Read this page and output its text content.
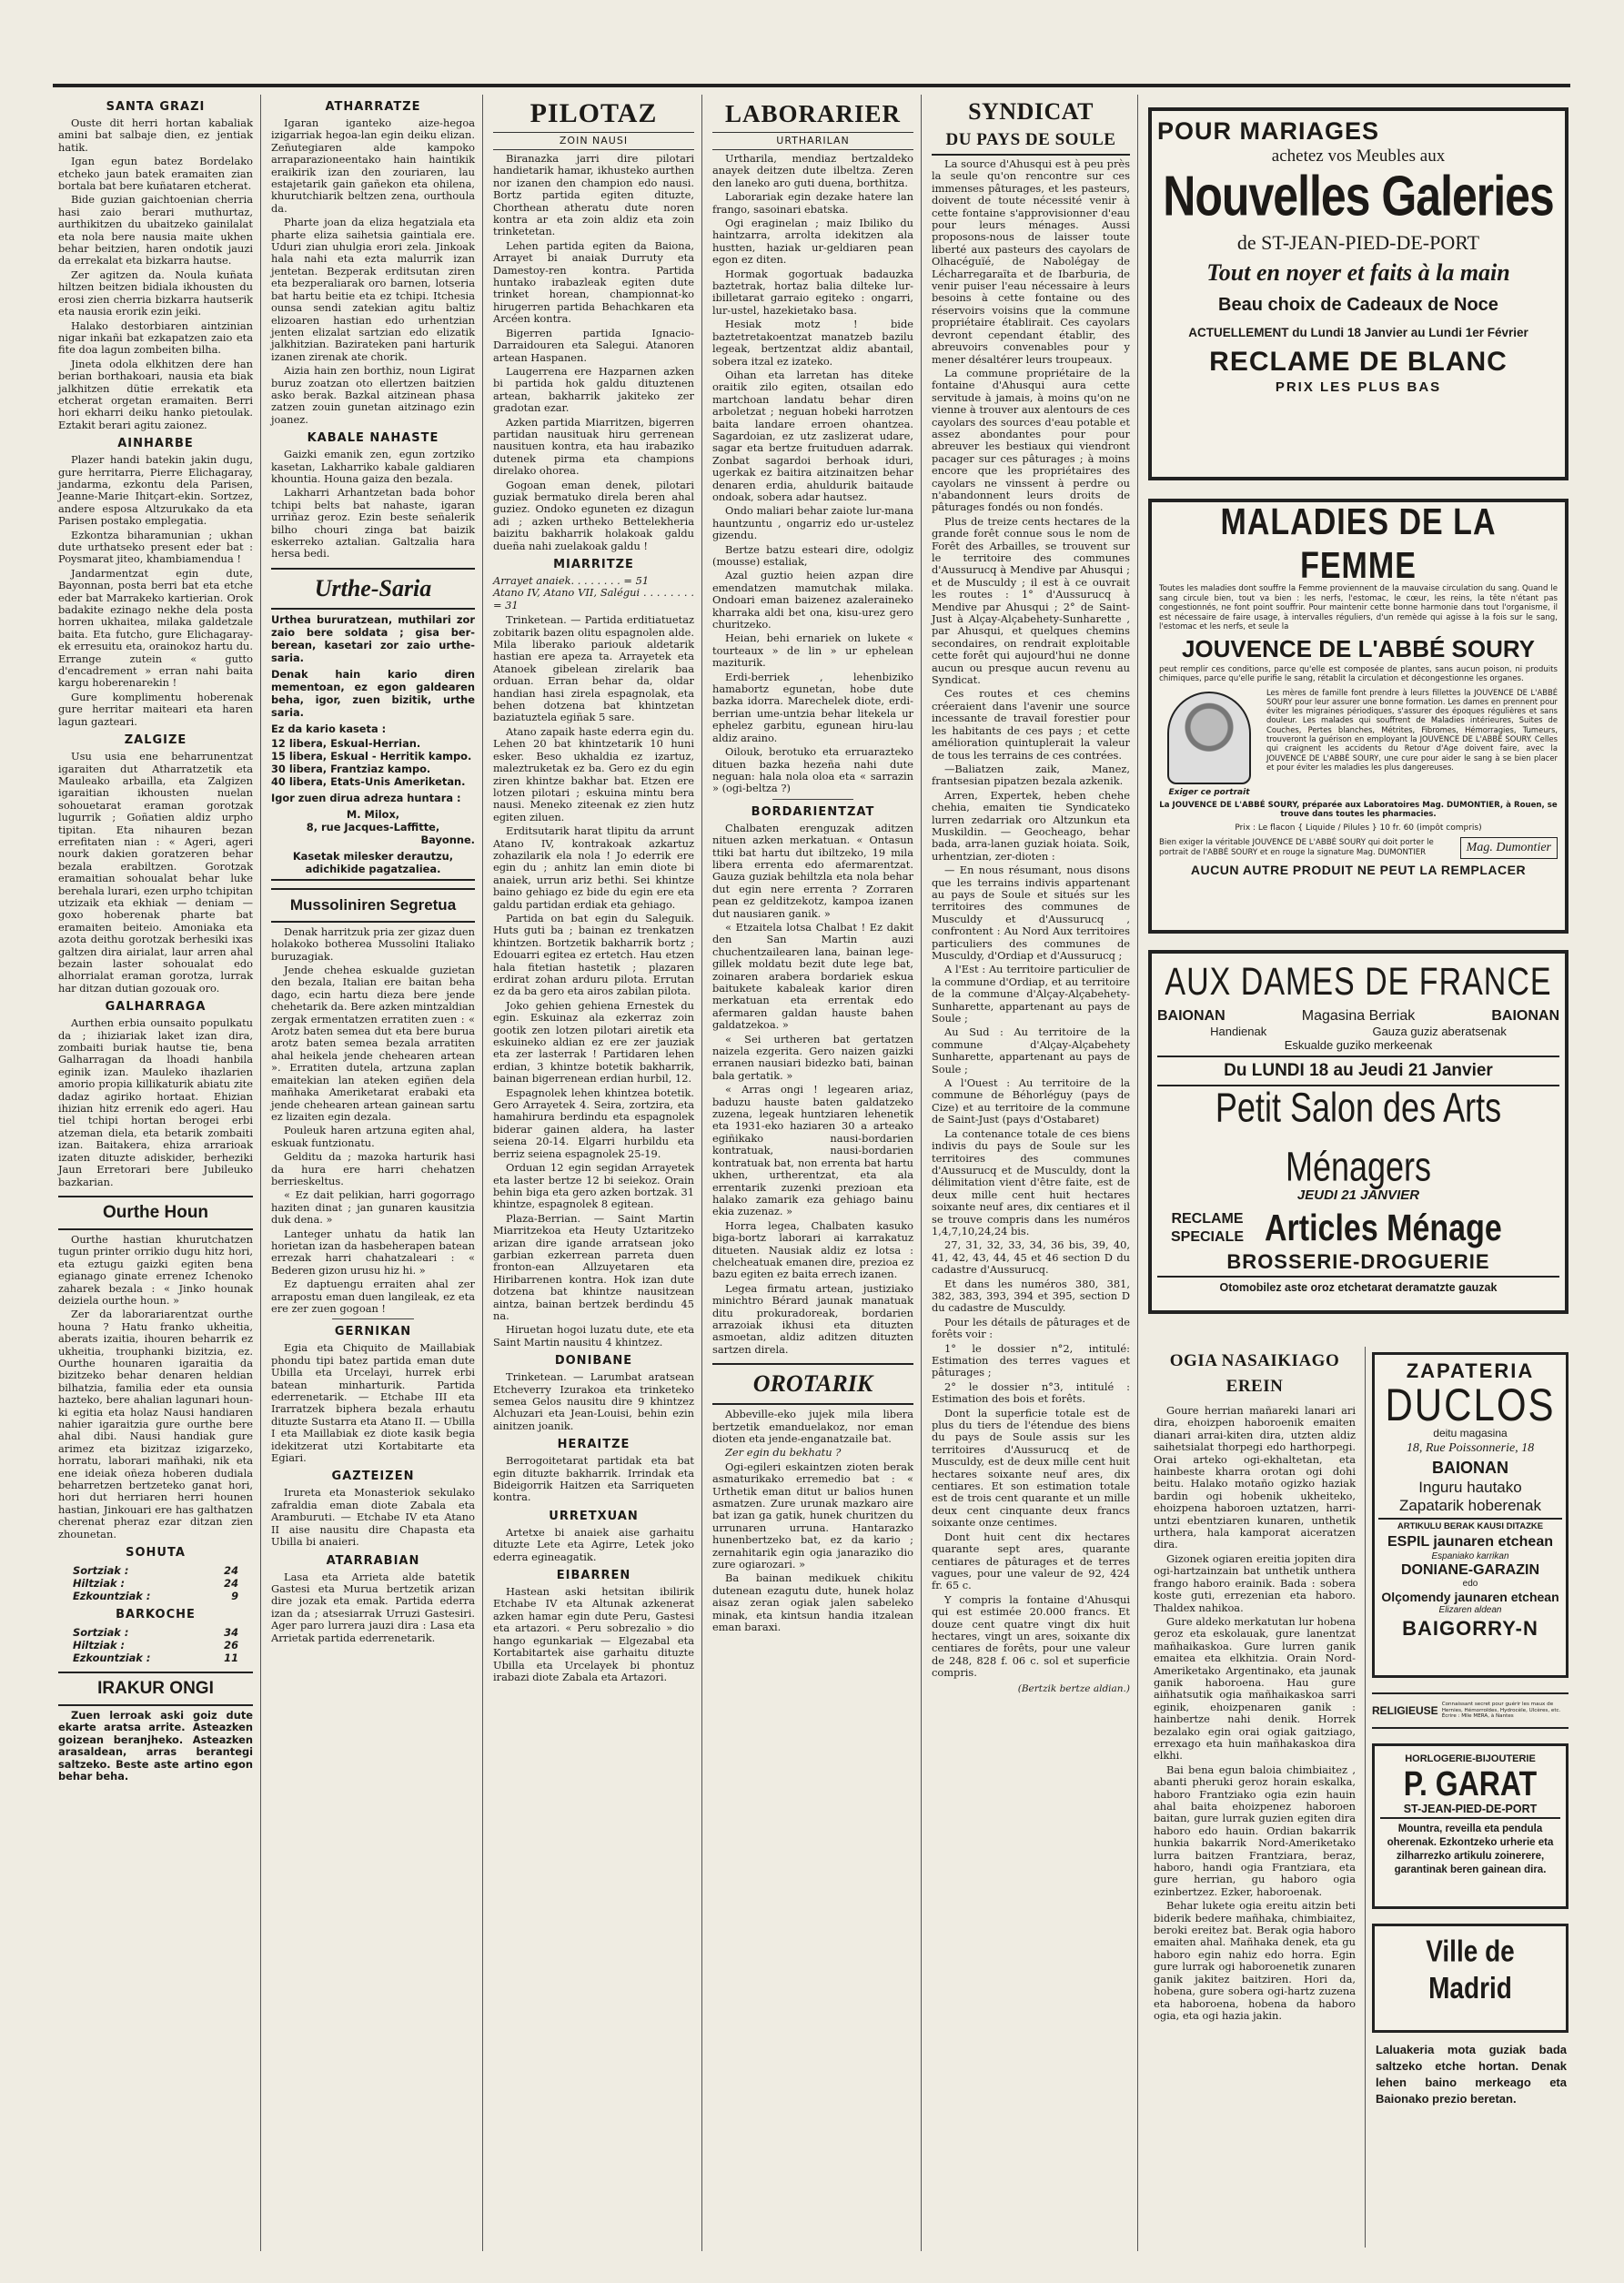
SANTA GRAZI

Ouste dit herri hortan kabaliak amini bat salbaje dien, ez jentiak hatik.

Igan egun batez Bordelako etcheko jaun batek eramaiten zian bortala bat bere kuñataren etcherat.

Bide guzian gaichtoenian cherria hasi zaio berari muthurtaz, aurthikitzen du ubaitzeko gainilalat eta nola bere nausia maite ukhen behar beitzien, haren ondotik jauzi da errekalat eta bizkarra hautse.

Zer agitzen da. Noula kuñata hiltzen beitzen bidiala ikhousten du erosi zien cherria bizkarra hautserik eta nausia erorik ezin jeiki.

Halako destorbiaren aintzinian nigar inkañi bat ezkapatzen zaio eta fite doa lagun zombeiten bilha.

Jineta odola elkhitzen dere han berian borthakoari, nausia eta biak jalkhitzen dütie errekatik eta etcherat orgetan eramaiten. Berri hori ekharri deiku hanko pietoulak. Eztakit berari agitu zaionez.

AINHARBE

Plazer handi batekin jakin dugu, gure herritarra, Pierre Elichagaray, jandarma, ezkontu dela Parisen, Jeanne-Marie Ihitçart-ekin. Sortzez, andere esposa Altzurukako da eta Parisen postako emplegatia.

Ezkontza biharamunian ; ukhan dute urthatseko present eder bat : Poysmarat jiteo, khambiamendua !

Jandarmentzat egin dute, Bayonnan, posta berri bat eta etche eder bat Marrakeko kartierian. Orok badakite ezinago nekhe dela posta horren ukhaitea, milaka galdetzale baita. Eta futcho, gure Elichagaray-ek erresuitu eta, orainokoz hartu du. Errange zutein « gutto d'encadrement » erran nahi baita kargu hoberenarekin !

Gure komplimentu hoberenak gure herritar maiteari eta haren lagun gazteari.

ZALGIZE

Usu usia ene beharrunentzat igaraiten dut Atharratzetik eta Mauleako arbailla, eta Zalgizen igaraitian ikhousten nuelan sohouetarat eraman gorotzak lugurrik ; Goñatien aldiz urpho tipitan. Eta nihauren bezan errefitaten nian : « Ageri, ageri nourk dakien goratzeren behar bezala erabiltzen. Gorotzak eramaitian sohoualat behar luke berehala lurari, ezen urpho tchipitan utzizaik eta ekhiak — deniam — goxo hoberenak pharte bat eramaiten beiteio. Amoniaka eta azota deithu gorotzak berhesiki ixas galtzen dira airialat, laur arren ahal bezain laster sohoualat edo alhorrialat eraman gorotza, lurrak har ditzan dutian gozouak oro.

GALHARRAGA

Aurthen erbia ounsaito populkatu da ; ihiziariak laket izan dira, zombaiti buriak hautse tie, bena Galharragan da lhoadi hanbila eginik izan. Mauleko ihazlarien amorio propia killikaturik abiatu zite dadaz agiriko hortaat. Ehizian ihizian hitz errenik edo ageri. Hau tiel tchipi hortan berogei erbi atzeman diela, eta betarik zombaiti izan. Baitakera, ehiza arrarioak izaten dituzte adiskider, berheziki Jaun Erretorari bere Jubileuko bazkarian.

Ourthe Houn

Ourthe hastian khurutchatzen tugun printer orrikio dugu hitz hori, eta eztugu gaizki egiten bena egianago ginate errenez Ichenoko zaharek bezala : « Jinko hounak deiziela ourthe houn. »

Zer da laborariarentzat ourthe houna ? Hatu franko ukheitia, aberats izaitia, ihouren beharrik ez ukheitia, trouphanki bizitzia, ez. Ourthe hounaren igaraitia da bizitzeko behar denaren heldian bilhatzia, familia eder eta ounsia hazteko, bere ahalian lagunari houn-ki egitia eta holaz Nausi handiaren nahier igaraitzia gure ourthe bere ahal dibi. Nausi handiak gure arimez eta bizitzaz izigarzeko, horratu, laborari mañhaki, nik eta ene ideiak oñeza hoberen dudiala beharretzen bertzeteko ganat hori, hori dut herriaren herri hounen hastian, Jinkouari ere has galthatzen cherenat pheraz ezar ditzan zien zhounetan.

SOHUTA
Sortziak :	24
Hiltziak :	24
Ezkountziak :	9
BARKOCHE
Sortziak :	34
Hiltziak :	26
Ezkountziak :	11
IRAKUR ONGI

Zuen lerroak aski goiz dute ekarte aratsa arrite. Asteazken goizean beranjheko. Asteazken arasaldean, arras berantegi saltzeko. Beste aste artino egon behar beha.

ATHARRATZE

Igaran iganteko aize-hegoa izigarriak hegoa-lan egin deiku elizan. Zeñutegiaren alde kampoko arraparazioneentako hain haintikik eraikirik izan den zouriaren, lau estajetarik gain gañekon eta ohilena, khurutchiarik beltzen zena, ourthoula da.

Pharte joan da eliza hegatziala eta pharte eliza saihetsia gaintiala ere. Uduri zian uhulgia erori zela. Jinkoak hala nahi eta ezta malurrik izan jentetan. Bezperak erditsutan ziren eta bezperaliarak oro barnen, lotseria bat hartu beitie eta ez tchipi. Itchesia ounsa sendi zatekian agitu baltiz elizoaren hastian edo urhentzian jenten elizalat sartzian edo elizatik jalkhitzian. Bazirateken pani harturik izanen zirenak ate chorik.

Aizia hain zen borthiz, noun Ligirat buruz zoatzan oto ellertzen baitzien asko berak. Bazkal aitzinean phasa zatzen zouin gunetan aitzinago ezin joanez.

KABALE NAHASTE

Gaizki emanik zen, egun zortziko kasetan, Lakharriko kabale galdiaren khountia. Houna gaiza den bezala.

Lakharri Arhantzetan bada bohor tchipi belts bat nahaste, igaran urriñaz geroz. Ezin beste señalerik bilho chouri zinga bat baizik eskerreko aztalian. Galtzalia hara hersa bedi.

Urthe-Saria

Urthea bururatzean, muthilari zor zaio bere soldata ; gisa ber-berean, kasetari zor zaio urthe-saria.

Denak hain kario diren mementoan, ez egon galdearen beha, igor, zuen bizitik, urthe saria.

Ez da kario kaseta :

12 libera, Eskual-Herrian.

15 libera, Eskual - Herritik kampo.

30 libera, Frantziaz kampo.

40 libera, Etats-Unis Ameriketan.

Igor zuen dirua adreza huntara :

M. Milox,

8, rue Jacques-Laffitte,

Bayonne.

Kasetak milesker derautzu, adichikide pagatzaliea.

Mussoliniren Segretua

Denak harritzuk pria zer gizaz duen holakoko botherea Mussolini Italiako buruzagiak.

Jende chehea eskualde guzietan den bezala, Italian ere baitan beha dago, ecin hartu dieza bere jende chehetarik da. Bere azken mintzaldian zergak ermentatzen erratiten zuen : « Arotz baten semea dut eta bere burua arotz baten semea bezala arratiten ahal heikela jende chehearen artean ». Erratiten dutela, artzuna zaplan emaitekian lan ateken egiñen dela mañhaka Ameriketarat erabaki eta jende chehearen artean gainean sartu ez lizaiten egin dezala.

Pouleuk haren artzuna egiten ahal, eskuak funtzionatu.

Gelditu da ; mazoka harturik hasi da hura ere harri chehatzen berrieskeltus.

« Ez dait pelikian, harri gogorrago haziten dinat ; jan gunaren kausitzia duk dena. »

Lanteger unhatu da hatik lan horietan izan da hasbeherapen batean errezak harri chahatzaleari : « Bederen gizon urusu hiz hi. »

Ez daptuengu erraiten ahal zer arrapostu eman duen langileak, ez eta ere zer zuen gogoan !

GERNIKAN

Egia eta Chiquito de Maillabiak phondu tipi batez partida eman dute Ubilla eta Urcelayi, hurrek erbi batean minharturik. Partida ederrenetarik. — Etchabe III eta Irarratzek biphera bezala erhautu dituzte Sustarra eta Atano II. — Ubilla I eta Maillabiak ez diote kasik begia idekitzerat utzi Kortabitarte eta Egiari.

GAZTEIZEN

Irureta eta Monasteriok sekulako zafraldia eman diote Zabala eta Aramburuti. — Etchabe IV eta Atano II aise nausitu dire Chapasta eta Ubilla bi anaieri.

ATARRABIAN

Lasa eta Arrieta alde batetik Gastesi eta Murua bertzetik arizan dire jozak eta emak. Partida ederra izan da ; atsesiarrak Urruzi Gastesiri. Ager paro lurrera jauzi dira : Lasa eta Arrietak partida ederrenetarik.

PILOTAZ
ZOIN NAUSI

Biranazka jarri dire pilotari handietarik hamar, ikhusteko aurthen nor izanen den champion edo nausi. Bortz partida egiten dituzte, Chorthean atheratu dute noren kontra ar eta zoin aldiz eta zoin trinketetan.

Lehen partida egiten da Baiona, Arrayet bi anaiak Durruty eta Damestoy-ren kontra. Partida huntako irabazleak egiten dute trinket horean, championnat-ko hirugerren partida Behachkaren eta Arcéen kontra.

Bigerren partida Ignacio-Darraidouren eta Salegui. Atanoren artean Haspanen.

Laugerrena ere Hazparnen azken bi partida hok galdu dituztenen artean, bakharrik jakiteko zer gradotan ezar.

Azken partida Miarritzen, bigerren partidan nausituak hiru gerrenean nausituen kontra, eta hau irabaziko dutenek pirma eta champions direlako ohorea.

Gogoan eman denek, pilotari guziak bermatuko direla beren ahal guziez. Ondoko eguneten ez dizagun adi ; azken urtheko Bettelekheria baizitu bakharrik holakoak galdu dueña nahi zuelakoak galdu !

MIARRITZE

Arrayet anaiek. . . . . . . . = 51

Atano IV, Atano VII, Salégui . . . . . . . . = 31

Trinketean. — Partida erditiatuetaz zobitarik bazen olitu espagnolen alde. Mila liberako pariouk aldetarik hastian ere apeza ta. Arrayetek eta Atanoek gibelean zirelarik baa orduan. Erran behar da, oldar handian hasi zirela espagnolak, eta behen dotzena bat khintzetan baziatuztela egiñak 5 sare.

Atano zapaik haste ederra egin du. Lehen 20 bat khintzetarik 10 huni esker. Beso ukhaldia ez izartuz, maleztruketak ez ba. Gero ez du egin ziren khintze bakhar bat. Etzen ere lotzen pilotari ; eskuina mintu bera nausi. Meneko ziteenak ez zien hutz egiten ziluen.

Erditsutarik harat tlipitu da arrunt Atano IV, kontrakoak azkartuz zohazilarik ela nola ! Jo ederrik ere egin du ; anhitz lan emin diote bi anaiek, urrun ariz bethi. Sei khintze baino gehiago ez bide du egin ere eta galdu partidan erdiak eta gehiago.

Partida on bat egin du Saleguik. Huts guti ba ; bainan ez trenkatzen khintzen. Bortzetik bakharrik bortz ; Edouarri egitea ez ertetch. Hau etzen hala fitetian hastetik ; plazaren erdirat zohan arduru pilota. Errutan ez da ba gero eta airos zabilan pilota.

Joko gehien gehiena Ernestek du egin. Eskuinaz ala ezkerraz zoin gootik zen lotzen pilotari airetik eta eskuineko aldian ez ere zer jauziak eta zer lasterrak ! Partidaren lehen erdian, 3 khintze botetik bakharrik, bainan bigerrenean erdian hurbil, 12.

Espagnolek lehen khintzea botetik. Gero Arrayetek 4. Seira, zortzira, eta hamahirura berdindu eta espagnolek biderar gainen aldera, ha laster seiena 20-14. Elgarri hurbildu eta berriz seiena espagnolek 25-19.

Orduan 12 egin segidan Arrayetek eta laster bertze 12 bi seiekoz. Orain behin biga eta gero azken bortzak. 31 khintze, espagnolek 8 egitean.

Plaza-Berrian. — Saint Martin Miarritzekoa eta Heuty Uztaritzeko arizan dire igande arratsean joko garbian ezkerrean parreta duen fronton-ean Allzuyetaren eta Hiribarrenen kontra. Hok izan dute dotzena bat khintze nausitzean aintza, bainan bertzek berdindu 45 na.

Hiruetan hogoi luzatu dute, ete eta Saint Martin nausitu 4 khintzez.

DONIBANE

Trinketean. — Larumbat aratsean Etcheverry Izurakoa eta trinketeko semea Gelos nausitu dire 9 khintzez Alchuzari eta Jean-Louisi, behin ezin ainitzen joanik.

HERAITZE

Berrogoitetarat partidak eta bat egin dituzte bakharrik. Irrindak eta Bideigorrik Haitzen eta Sarriqueten kontra.

URRETXUAN

Artetxe bi anaiek aise garhaitu dituzte Lete eta Agirre, Letek joko ederra egineagatik.

EIBARREN

Hastean aski hetsitan ibilirik Etchabe IV eta Altunak azkenerat azken hamar egin dute Peru, Gastesi eta artazori. « Peru sobrezalio » dio hango egunkariak — Elgezabal eta Kortabitartek aise garhaitu dituzte Ubilla eta Urcelayek bi phontuz irabazi diote Zabala eta Artazori.

LABORARIER
URTHARILAN

Urtharila, mendiaz bertzaldeko anayek deitzen dute ilbeltza. Zeren den laneko aro guti duena, borthitza.

Laborariak egin dezake hatere lan frango, sasoinari ebatska.

Ogi eraginelan ; maiz Ibiliko du haintzarra, arrolta idekitzen ala hustten, haziak ur-geldiaren pean egon ez diten.

Hormak gogortuak badauzka baztetrak, hortaz balia dilteke lur-ibilletarat garraio egiteko : ongarri, lur-ustel, hazekietako basa.

Hesiak motz ! bide baztetretakoentzat manatzeb bazilu legeak, bertzentzat aldiz abantail, sobera itzal ez izateko.

Oihan eta larretan has diteke oraitik zilo egiten, otsailan edo martchoan landatu behar diren arboletzat ; neguan hobeki harrotzen baita landare erroen ohantzea. Sagardoian, ez utz zaslizerat udare, sagar eta bertze fruituduen adarrak. Zonbat sagardoi berhoak iduri, ugerkak ez baitira aitzinaitzen behar denaren erdia, ahuldurik baitaude ondoak, sobera adar hautsez.

Ondo maliari behar zaiote lur-mana hauntzuntu , ongarriz edo ur-ustelez gizendu.

Bertze batzu esteari dire, odolgiz (mousse) estaliak,

Azal guztio heien azpan dire emendatzen mamutchak milaka. Ondoari eman baizenez azaleraineko kharraka aldi bet ona, kisu-urez gero churitzeko.

Heian, behi ernariek on lukete « tourteaux » de lin » ur ephelean maziturik.

Erdi-berriek , lehenbiziko hamabortz egunetan, hobe dute bazka idorra. Marechelek diote, erdi-berrian ume-untzia behar litekela ur ephelez garbitu, egunean hiru-lau aldiz araino.

Oilouk, berotuko eta erruarazteko dituen bazka hezeña nahi dute neguan: hala nola oloa eta « sarrazin » (ogi-beltza ?)

BORDARIENTZAT

Chalbaten erenguzak aditzen nituen azken merkatuan. « Ontasun ttiki bat hartu dut ibiltzeko, 19 mila libera errenta edo afermarentzat. Gauza guziak behiltzla eta nola behar dut egin nere errenta ? Zorraren pean ez gelditzekotz, kampoa izanen dut nausiaren ganik. »

« Etzaitela lotsa Chalbat ! Ez dakit den San Martin auzi chuchentzailearen lana, bainan lege-gillek moldatu bezit dute lege bat, zoinaren arabera bordariek eskua baitukete kabaleak karior diren merkatuan eta errentak edo afermaren galdan hauste bahen galdatzekoa. »

« Sei urtheren bat gertatzen naizela ezgerita. Gero naizen gaizki erranen nausiari bidezko bati, bainan bala gertatik. »

« Arras ongi ! legearen ariaz, baduzu hauste baten galdatzeko zuzena, legeak huntziaren lehenetik eta 1931-eko haziaren 30 a arteako egiñikako nausi-bordarien kontratuak, nausi-bordarien kontratuak bat, non errenta bat hartu ukhen, urtherentzat, eta ala errentarik zuzenki prezioan eta halako zamarik eza gehiago bainu ekia zuzenaz. »

Horra legea, Chalbaten kasuko biga-bortz laborari ai karrakatuz ditueten. Nausiak aldiz ez lotsa : chelcheatuak emanen dire, prezioa ez bazu egiten ez baita errech izanen.

Legea firmatu artean, justiziako minichtro Bérard jaunak manatuak ditu prokuradoreak, bordarien arrazoiak ikhusi eta dituzten asmoetan, aldiz aditzen dituzten sartzen direla.

OROTARIK

Abbeville-eko jujek mila libera bertzetik emanduelakoz, nor eman dioten eta jende-enganatzaile bat.

Zer egin du bekhatu ?

Ogi-egileri eskaintzen zioten berak asmaturikako erremedio bat : « Urthetik eman ditut ur balios hunen asmatzen. Zure urunak mazkaro aire bat izan ga gatik, hunek churitzen du urrunaren urruna. Hantarazko hunenbertzeko bat, ez da kario ; zernahitarik egin ogia janaraziko dio zure ogiarozari. »

Ba bainan medikuek chikitu dutenean ezagutu dute, hunek holaz aisaz zeran ogiak jalen sabeleko minak, eta kintsun handia itzalean eman baraxi.

SYNDICAT
DU PAYS DE SOULE

La source d'Ahusqui est à peu près la seule qu'on rencontre sur ces immenses pâturages, et les pasteurs, doivent de toute nécessité venir à cette fontaine s'approvisionner d'eau pour leurs ménages. Aussi proposons-nous de laisser toute liberté aux pasteurs des cayolars de Olhacéguïé, de Nabolégay de Lécharregaraïta et de Ibarburia, de venir puiser l'eau nécessaire à leurs besoins à cette fontaine ou des réservoirs voisins que la commune propriétaire établirait. Ces cayolars devront cependant établir, des abreuvoirs convenables pour y mener désaltérer leurs troupeaux.

La commune propriétaire de la fontaine d'Ahusqui aura cette servitude à jamais, à moins qu'on ne vienne à trouver aux alentours de ces cayolars des sources d'eau potable et assez abondantes pour pour abreuver les bestiaux qui viendront pacager sur ces pâturages ; à moins encore que les propriétaires des cayolars ne vinssent à perdre ou n'abandonnent leurs droits de pâturages fondés ou non fondés.

Plus de treize cents hectares de la grande forêt connue sous le nom de Forêt des Arbailles, se trouvent sur le territoire des communes d'Aussurucq à Mendive par Ahusqui ; et de Musculdy ; il est à ce ouvrait les routes : 1° d'Aussurucq à Mendive par Ahusqui ; 2° de Saint-Just à Alçay-Alçabehety-Sunharette , par Ahusqui, et quelques chemins secondaires, on rendrait exploitable cette forêt qui aujourd'hui ne donne aucun ou presque aucun revenu au Syndicat.

Ces routes et ces chemins créeraient dans l'avenir une source incessante de travail forestier pour les habitants de ces pays ; et cette amélioration quintuplerait la valeur de tous les terrains de ces contrées.

—Baliatzen zaik, Manez, frantsesian pipatzen bezala azkenik.

Arren, Expertek, heben chehe chehia, emaiten tie Syndicateko lurren zedarriak oro Altzunkun eta Muskildin. — Geocheago, behar bada, arra-lanen guziak hoiata. Soik, urhentzian, zer-dioten :

— En nous résumant, nous disons que les terrains indivis appartenant au pays de Soule et situés sur les territoires des communes de Musculdy et d'Aussurucq , confrontent : Au Nord Aux territoires particuliers des communes de Musculdy, d'Ordiap et d'Aussurucq ;

A l'Est : Au territoire particulier de la commune d'Ordiap, et au territoire de la commune d'Alçay-Alçabehety-Sunharette, appartenant au pays de Soule ;

Au Sud : Au territoire de la commune d'Alçay-Alçabehety Sunharette, appartenant au pays de Soule ;

A l'Ouest : Au territoire de la commune de Béhorléguy (pays de Cize) et au territoire de la commune de Saint-Just (pays d'Ostabaret)

La contenance totale de ces biens indivis du pays de Soule sur les territoires des communes d'Aussurucq et de Musculdy, dont la délimitation vient d'être faite, est de deux mille cent huit hectares soixante neuf ares, dix centiares et il se trouve compris dans les numéros 1,4,7,10,24,24 bis.

27, 31, 32, 33, 34, 36 bis, 39, 40, 41, 42, 43, 44, 45 et 46 section D du cadastre d'Aussurucq.

Et dans les numéros 380, 381, 382, 383, 393, 394 et 395, section D du cadastre de Musculdy.

Pour les détails de pâturages et de forêts voir :

1° le dossier n°2, intitulé: Estimation des terres vagues et pâturages ;

2° le dossier n°3, intitulé : Estimation des bois et forêts.

Dont la superficie totale est de plus du tiers de l'étendue des biens du pays de Soule assis sur les territoires d'Aussurucq et de Musculdy, est de deux mille cent huit hectares soixante neuf ares, dix centiares. Et son estimation totale est de trois cent quarante et un mille deux cent cinquante deux francs soixante onze centimes.

Dont huit cent dix hectares quarante sept ares, quarante centiares de pâturages et de terres vagues, pour une valeur de 92, 424 fr. 65 c.

Y compris la fontaine d'Ahusqui qui est estimée 20.000 francs. Et douze cent quatre vingt dix huit hectares, vingt un ares, soixante dix centiares de forêts, pour une valeur de 248, 828 f. 06 c. sol et superficie compris.

(Bertzik bertze aldian.)

POUR MARIAGES
achetez vos Meubles aux
Nouvelles Galeries
de ST-JEAN-PIED-DE-PORT
Tout en noyer et faits à la main
Beau choix de Cadeaux de Noce
ACTUELLEMENT du Lundi 18 Janvier au Lundi 1er Février
RECLAME DE BLANC
PRIX LES PLUS BAS
MALADIES DE LA FEMME
Toutes les maladies dont souffre la Femme proviennent de la mauvaise circulation du sang. Quand le sang circule bien, tout va bien : les nerfs, l'estomac, le cœur, les reins, la tête n'étant pas congestionnés, ne font point souffrir. Pour maintenir cette bonne harmonie dans tout l'organisme, il est nécessaire de faire usage, à intervalles réguliers, d'un remède qui agisse à la fois sur le sang, l'estomac et les nerfs, et seule la
JOUVENCE DE L'ABBÉ SOURY
peut remplir ces conditions, parce qu'elle est composée de plantes, sans aucun poison, ni produits chimiques, parce qu'elle purifie le sang, rétablit la circulation et décongestionne les organes.
Exiger ce portrait
Les mères de famille font prendre à leurs fillettes la JOUVENCE DE L'ABBÉ SOURY pour leur assurer une bonne formation. Les dames en prennent pour éviter les migraines périodiques, s'assurer des époques régulières et sans douleur. Les malades qui souffrent de Maladies intérieures, Suites de Couches, Pertes blanches, Métrites, Fibromes, Hémorragies, Tumeurs, trouveront la guérison en employant la JOUVENCE DE L'ABBÉ SOURY. Celles qui craignent les accidents du Retour d'Age doivent faire, avec la JOUVENCE DE L'ABBÉ SOURY, une cure pour aider le sang à se bien placer et pour éviter les maladies les plus dangereuses.
La JOUVENCE DE L'ABBÉ SOURY, préparée aux Laboratoires Mag. DUMONTIER, à Rouen, se trouve dans toutes les pharmacies.
Prix : Le flacon { Liquide / Pilules } 10 fr. 60 (impôt compris)
Bien exiger la véritable JOUVENCE DE L'ABBÉ SOURY qui doit porter le portrait de l'ABBÉ SOURY et en rouge la signature Mag. DUMONTIER	Mag. Dumontier
AUCUN AUTRE PRODUIT NE PEUT LA REMPLACER
AUX DAMES DE FRANCE
BAIONAN	Magasina Berriak	BAIONAN
Handienak	Gauza guziz aberatsenak
Eskualde guziko merkeenak
Du LUNDI 18 au Jeudi 21 Janvier
Petit Salon des Arts Ménagers
JEUDI 21 JANVIER
RECLAME
SPECIALE Articles Ménage
BROSSERIE-DROGUERIE
Otomobilez aste oroz etchetarat deramatzte gauzak
OGIA NASAIKIAGO
EREIN

Goure herrian mañareki lanari ari dira, ehoizpen haboroenik emaiten dianari arrai-kiten dira, utzten aldiz saihetsialat thorpegi edo harthorpegi. Orai arteko ogi-ekhaltetan, eta hainbeste kharra orotan ogi dohi beitu. Halako motaño ogizko haziak bardin ogi hobenik ukheiteko, ehoizpena haboroen uztatzen, harri-untzi ebentziaren kunaren, unthetik urthera, hala kamporat aiceratzen dira.

Gizonek ogiaren ereitia jopiten dira ogi-hartzainzain bat unthetik unthera frango haboro erainik. Bada : sobera koste guti, errezenian eta haboro. Thaldex nahikoa.

Gure aldeko merkatutan lur hobena geroz eta eskolauak, gure lanentzat mañhaikaskoa. Gure lurren ganik emaitea eta elkhitzia. Orain Nord-Ameriketako Argentinako, eta jaunak ganik haboroena. Hau gure aiñhatsutik ogia mañhaikaskoa sarri eginik, ehoizpenaren ganik : hainbertze nahi denik. Horrek bezalako egin orai ogiak gaitziago, errexago eta huin mañhakaskoa dira elkhi.

Bai bena egun baloia chimbiaitez , abanti pheruki geroz horain eskalka, haboro Frantziako ogia ezin hauin ahal baita ehoizpenez haboroen baitan, gure lurrak guzien egiten dira haboro edo hauin. Ordian bakarrik hunkia bakarrik Nord-Ameriketako lurra baitzen Frantziara, beraz, haboro, handi ogia Frantziara, eta gure herrian, gu haboro ogia ezinbertzez. Ezker, haboroenak.

Behar lukete ogia ereitu aitzin beti biderik bedere mañhaka, chimbiaitez, beroki ereitez bat. Berak ogia haboro emaiten ahal. Mañhaka denek, eta gu haboro egin nahiz edo horra. Egin gure lurrak ogi haboroenetik zunaren ganik jakitez baitziren. Hori da, hobena, gure sobera ogi-hartz zuzena eta haboroena, hobena da haboro ogia, eta ogi hazia jakin.

ZAPATERIA
DUCLOS
deitu magasina
18, Rue Poissonnerie, 18
BAIONAN
Inguru hautako
Zapatarik hoberenak
ARTIKULU BERAK KAUSI DITAZKE
ESPIL jaunaren etchean
Espaniako karrikan
DONIANE-GARAZIN
edo
Olçomendy jaunaren etchean
Elizaren aldean
BAIGORRY-N
RELIGIEUSE Connaissant secret pour guérir les maux de Hernies, Hémorroïdes, Hydrocèle, Ulcères, etc. Écrire : Mlle MERA, à Nantes
HORLOGERIE-BIJOUTERIE
P. GARAT
ST-JEAN-PIED-DE-PORT
Mountra, reveilla eta pendula oherenak. Ezkontzeko urherie eta zilharrezko artikulu zoinerere, garantinak beren gainean dira.
Ville de Madrid
Laluakeria mota guziak bada saltzeko etche hortan. Denak lehen baino merkeago eta Baionako prezio beretan.
